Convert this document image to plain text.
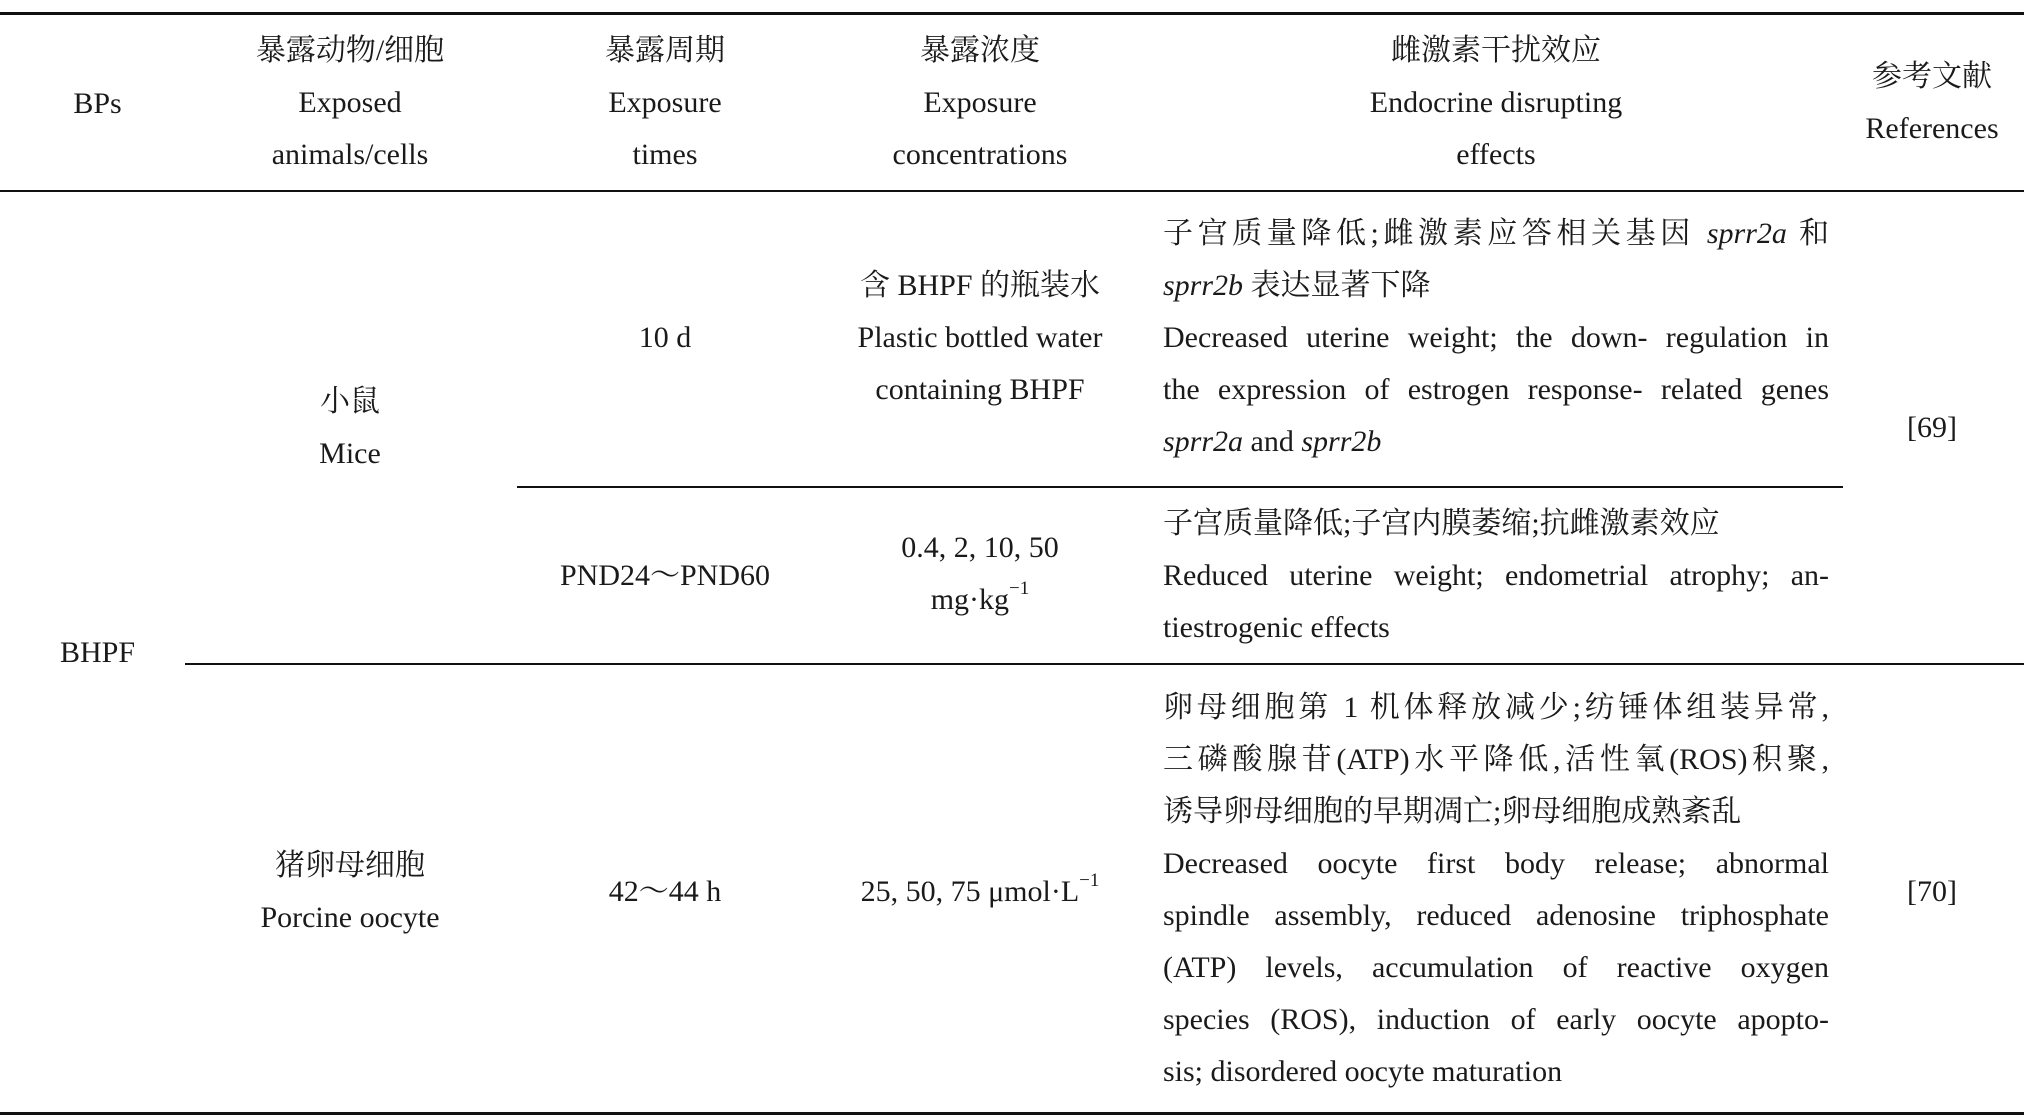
BPs
暴露动物/细胞
Exposed
animals/cells
暴露周期
Exposure
times
暴露浓度
Exposure
concentrations
雌激素干扰效应
Endocrine disrupting
effects
参考文献
References
BHPF
小鼠
Mice
10 d
含 BHPF 的瓶装水
Plastic bottled water
containing BHPF
子宫质量降低;雌激素应答相关基因 sprr2a 和
sprr2b 表达显著下降
Decreased uterine weight; the down- regulation in
the expression of estrogen response- related genes
sprr2a and sprr2b	[69]
PND24～PND60
0.4, 2, 10, 50
$mg\cdot kg^{-1}$
子宫质量降低;子宫内膜萎缩;抗雌激素效应
Reduced uterine weight; endometrial atrophy; an-
tiestrogenic effects
猪卵母细胞
Porcine oocyte
42～44 h	25, 50, 75 $\mu mol\cdot L^{-1}$
卵母细胞第 1 机体释放减少;纺锤体组装异常,
三磷酸腺苷(ATP)水平降低,活性氧(ROS)积聚,
诱导卵母细胞的早期凋亡;卵母细胞成熟紊乱
Decreased oocyte first body release; abnormal
spindle assembly, reduced adenosine triphosphate
(ATP) levels, accumulation of reactive oxygen
species (ROS), induction of early oocyte apopto-
sis; disordered oocyte maturation
[70]
